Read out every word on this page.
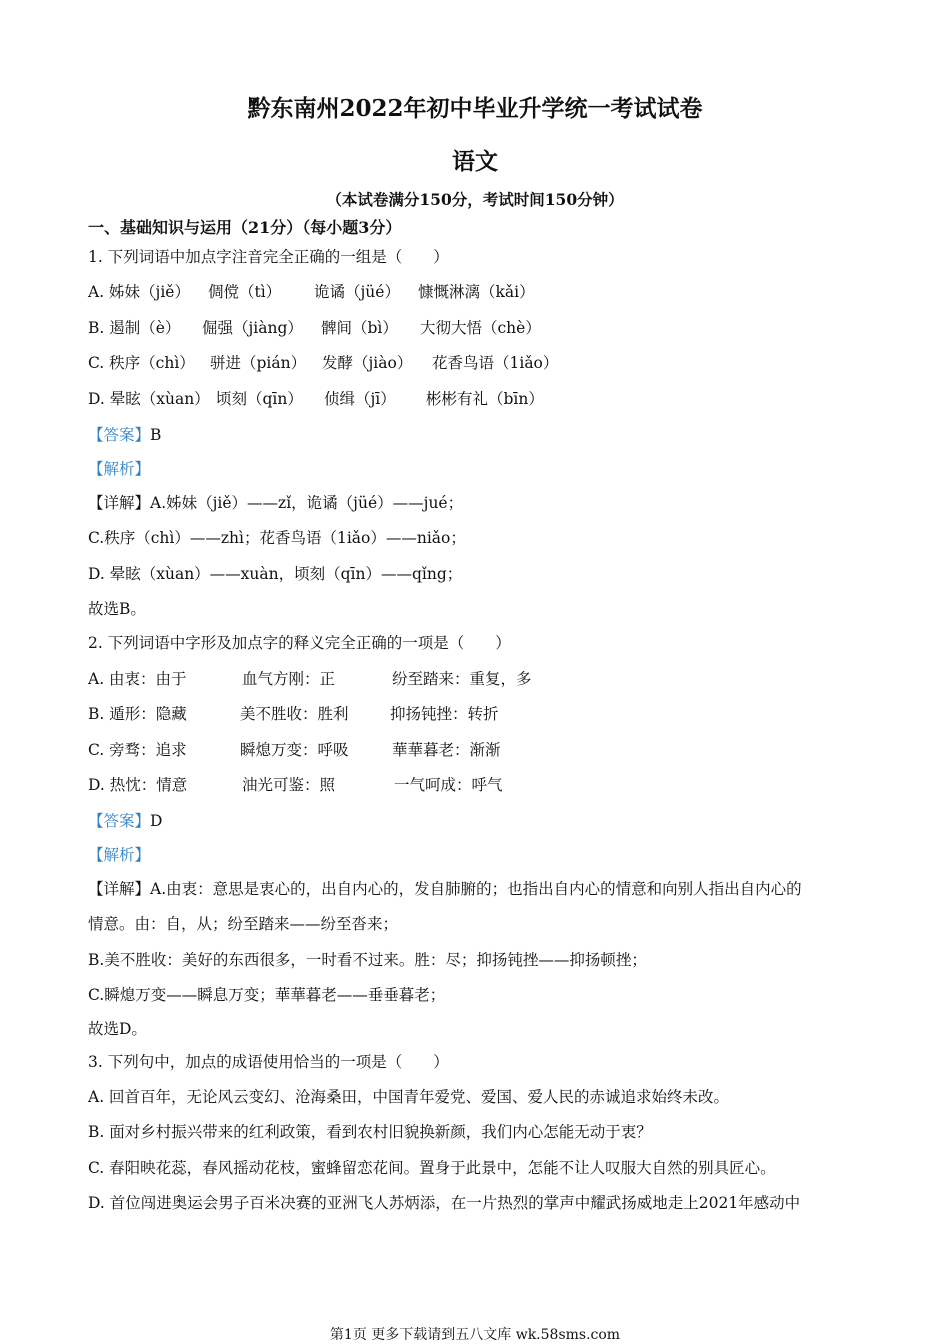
黔东南州2022年初中毕业升学统一考试试卷
语文
（本试卷满分150分，考试时间150分钟）
一、基础知识与运用（21分）（每小题3分）
1. 下列词语中加点字注音完全正确的一组是（　　）
A. 姊妹（jiě） 倜傥（tì） 诡谲（jüé） 慷慨淋漓（kǎi）
B. 遏制（è） 倔强（jiàng） 髀间（bì） 大彻大悟（chè）
C. 秩序（chì） 骈进（pián） 发酵（jiào） 花香鸟语（1iǎo）
D. 晕眩（xùan） 顷刻（qīn） 侦缉（jī） 彬彬有礼（bīn）
【答案】B
【解析】
【详解】A.姊妹（jiě）——zǐ，诡谲（jüé）——jué；
C.秩序（chì）——zhì；花香鸟语（1iǎo）——niǎo；
D. 晕眩（xùan）——xuàn，顷刻（qīn）——qǐng；
故选B。
2. 下列词语中字形及加点字的释义完全正确的一项是（　　）
A. 由衷：由于	血气方刚：正	纷至踏来：重复，多
B. 遁形：隐藏	美不胜收：胜利	抑扬钝挫：转折
C. 旁骛：追求	瞬熄万变：呼吸	華華暮老：渐渐
D. 热忱：情意	油光可鉴：照	一气呵成：呼气
【答案】D
【解析】
【详解】A.由衷：意思是衷心的，出自内心的，发自肺腑的；也指出自内心的情意和向别人指出自内心的
情意。由：自，从；纷至踏来——纷至沓来；
B.美不胜收：美好的东西很多，一时看不过来。胜：尽；抑扬钝挫——抑扬顿挫；
C.瞬熄万变——瞬息万变；華華暮老——垂垂暮老；
故选D。
3. 下列句中，加点的成语使用恰当的一项是（　　）
A. 回首百年，无论风云变幻、沧海桑田，中国青年爱党、爱国、爱人民的赤诚追求始终未改。
B. 面对乡村振兴带来的红利政策，看到农村旧貌换新颜，我们内心怎能无动于衷？
C. 春阳映花蕊，春风摇动花枝，蜜蜂留恋花间。置身于此景中，怎能不让人叹服大自然的别具匠心。
D. 首位闯进奥运会男子百米决赛的亚洲飞人苏炳添，在一片热烈的掌声中耀武扬威地走上2021年感动中
第1页 更多下载请到五八文库 wk.58sms.com
